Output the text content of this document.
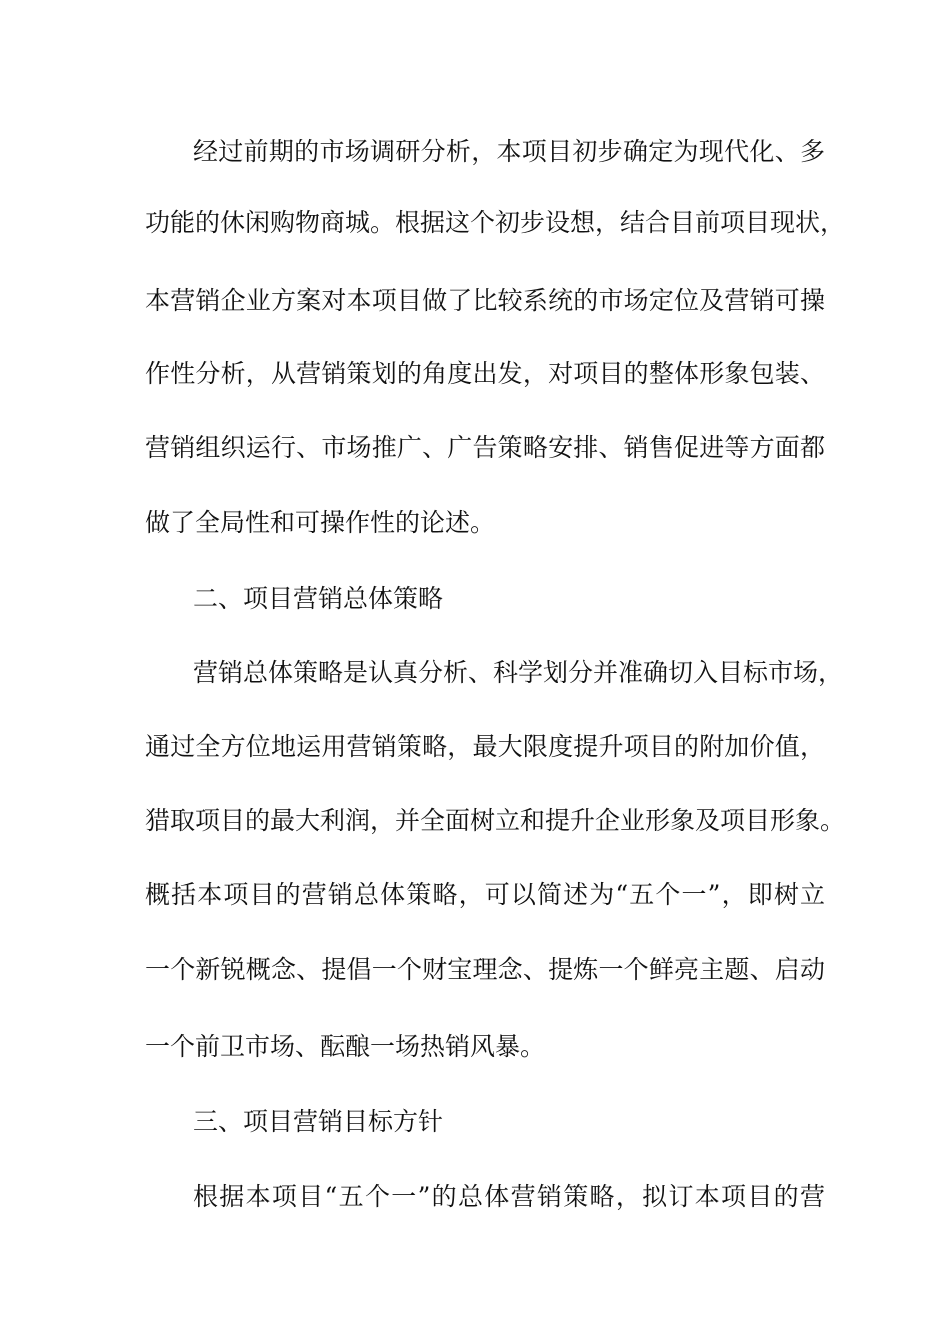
经过前期的市场调研分析，本项目初步确定为现代化、多
功能的休闲购物商城。根据这个初步设想，结合目前项目现状，
本营销企业方案对本项目做了比较系统的市场定位及营销可操
作性分析，从营销策划的角度出发，对项目的整体形象包装、
营销组织运行、市场推广、广告策略安排、销售促进等方面都
做了全局性和可操作性的论述。
二、项目营销总体策略
营销总体策略是认真分析、科学划分并准确切入目标市场，
通过全方位地运用营销策略，最大限度提升项目的附加价值，
猎取项目的最大利润，并全面树立和提升企业形象及项目形象。
概括本项目的营销总体策略，可以简述为“五个一”，即树立
一个新锐概念、提倡一个财宝理念、提炼一个鲜亮主题、启动
一个前卫市场、酝酿一场热销风暴。
三、项目营销目标方针
根据本项目“五个一”的总体营销策略，拟订本项目的营
